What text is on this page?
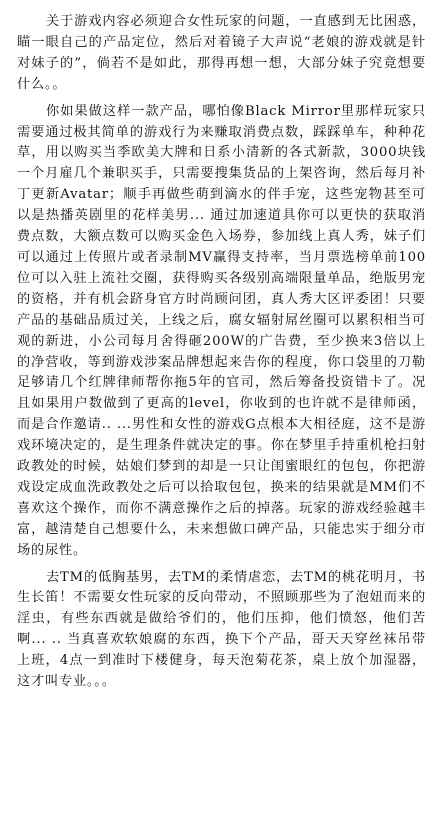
关于游戏内容必须迎合女性玩家的问题，一直感到无比困惑，瞄一眼自己的产品定位，然后对着镜子大声说“老娘的游戏就是针对妹子的”，倘若不是如此，那得再想一想，大部分妹子究竟想要什么。。

你如果做这样一款产品，哪怕像Black Mirror里那样玩家只需要通过极其简单的游戏行为来赚取消费点数，踩踩单车，种种花草，用以购买当季欧美大牌和日系小清新的各式新款，3000块钱一个月雇几个兼职买手，只需要搜集货品的上架咨询，然后每月补丁更新Avatar；顺手再做些萌到滴水的伴手宠，这些宠物甚至可以是热播英剧里的花样美男... 通过加速道具你可以更快的获取消费点数，大额点数可以购买金色入场券，参加线上真人秀，妹子们可以通过上传照片或者录制MV赢得支持率，当月票选榜单前100位可以入驻上流社交圈，获得购买各级别高端限量单品，绝版男宠的资格，并有机会跻身官方时尚顾问团，真人秀大区评委团！只要产品的基础品质过关，上线之后，腐女辐射屌丝圈可以累积相当可观的新进，小公司每月舍得砸200W的广告费，至少换来3倍以上的净营收，等到游戏涉案品牌想起来告你的程度，你口袋里的刀勒足够请几个红牌律师帮你拖5年的官司，然后筹备投资错卡了。况且如果用户数做到了更高的level，你收到的也许就不是律师函，而是合作邀请.. ...男性和女性的游戏G点根本大相径庭，这不是游戏环境决定的，是生理条件就决定的事。你在梦里手持重机枪扫射政教处的时候，姑娘们梦到的却是一只让闺蜜眼红的包包，你把游戏设定成血洗政教处之后可以拾取包包，换来的结果就是MM们不喜欢这个操作，而你不满意操作之后的掉落。玩家的游戏经验越丰富，越清楚自己想要什么，未来想做口碑产品，只能忠实于细分市场的尿性。

去TM的低胸基男，去TM的柔情虐恋，去TM的桃花明月，书生长笛！不需要女性玩家的反向带动，不照顾那些为了泡妞而来的淫虫，有些东西就是做给爷们的，他们压抑，他们愤怒，他们苦啊... .. 当真喜欢软娘腐的东西，换下个产品，哥天天穿丝袜吊带上班，4点一到准时下楼健身，每天泡菊花茶，桌上放个加湿器，这才叫专业。。。
